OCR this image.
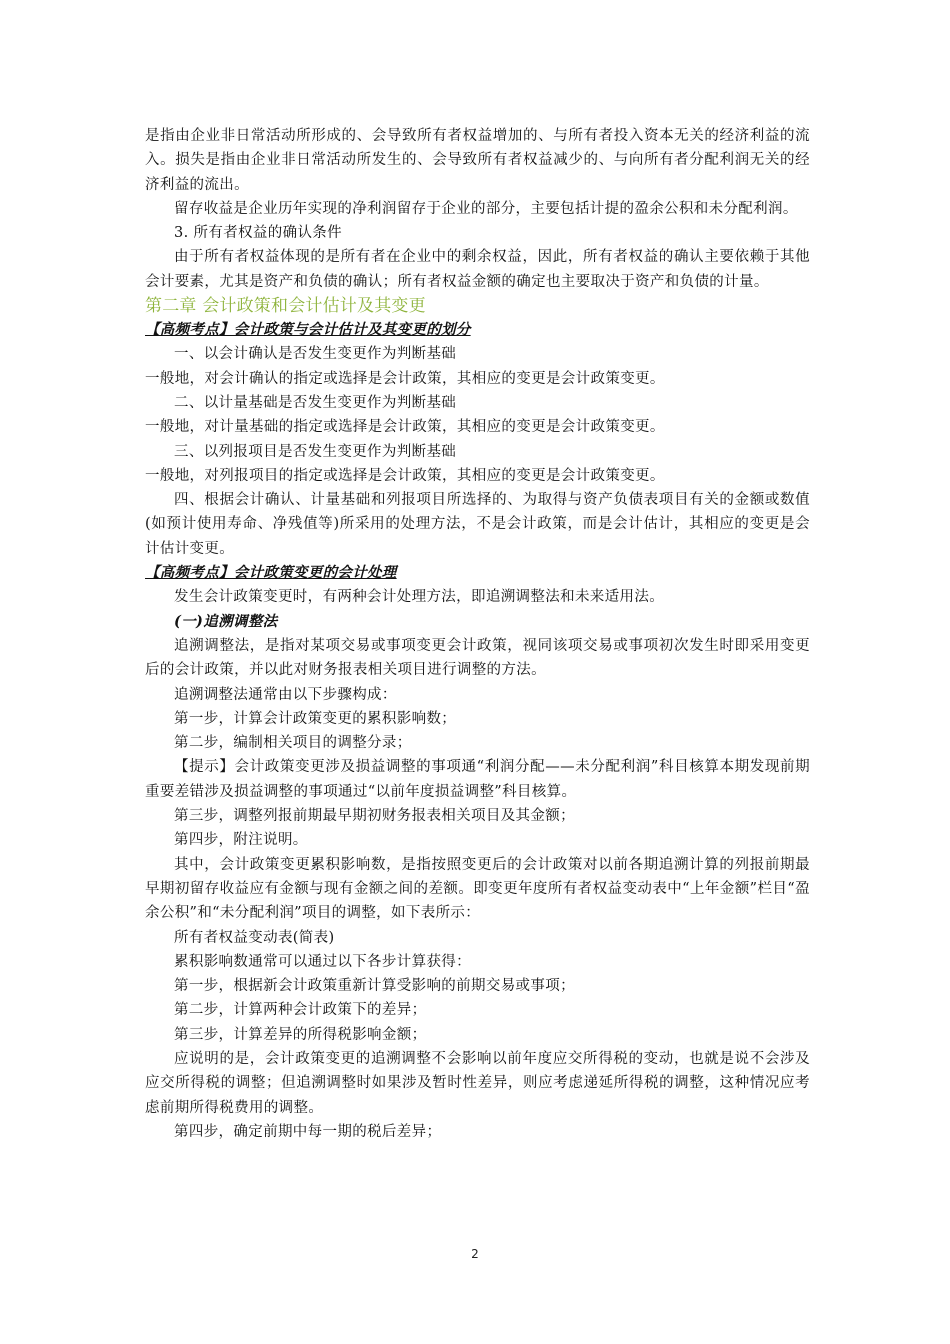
是指由企业非日常活动所形成的、会导致所有者权益增加的、与所有者投入资本无关的经济利益的流入。损失是指由企业非日常活动所发生的、会导致所有者权益减少的、与向所有者分配利润无关的经济利益的流出。

留存收益是企业历年实现的净利润留存于企业的部分，主要包括计提的盈余公积和未分配利润。

3. 所有者权益的确认条件

由于所有者权益体现的是所有者在企业中的剩余权益，因此，所有者权益的确认主要依赖于其他会计要素，尤其是资产和负债的确认；所有者权益金额的确定也主要取决于资产和负债的计量。

第二章 会计政策和会计估计及其变更

【高频考点】会计政策与会计估计及其变更的划分

一、以会计确认是否发生变更作为判断基础

一般地，对会计确认的指定或选择是会计政策，其相应的变更是会计政策变更。

二、以计量基础是否发生变更作为判断基础

一般地，对计量基础的指定或选择是会计政策，其相应的变更是会计政策变更。

三、以列报项目是否发生变更作为判断基础

一般地，对列报项目的指定或选择是会计政策，其相应的变更是会计政策变更。

四、根据会计确认、计量基础和列报项目所选择的、为取得与资产负债表项目有关的金额或数值(如预计使用寿命、净残值等)所采用的处理方法，不是会计政策，而是会计估计，其相应的变更是会计估计变更。

【高频考点】会计政策变更的会计处理

发生会计政策变更时，有两种会计处理方法，即追溯调整法和未来适用法。

(一)追溯调整法

追溯调整法，是指对某项交易或事项变更会计政策，视同该项交易或事项初次发生时即采用变更后的会计政策，并以此对财务报表相关项目进行调整的方法。

追溯调整法通常由以下步骤构成：

第一步，计算会计政策变更的累积影响数；

第二步，编制相关项目的调整分录；

【提示】会计政策变更涉及损益调整的事项通“利润分配——未分配利润”科目核算本期发现前期重要差错涉及损益调整的事项通过“以前年度损益调整”科目核算。

第三步，调整列报前期最早期初财务报表相关项目及其金额；

第四步，附注说明。

其中，会计政策变更累积影响数，是指按照变更后的会计政策对以前各期追溯计算的列报前期最早期初留存收益应有金额与现有金额之间的差额。即变更年度所有者权益变动表中“上年金额”栏目“盈余公积”和“未分配利润”项目的调整，如下表所示：

所有者权益变动表(简表)

累积影响数通常可以通过以下各步计算获得：

第一步，根据新会计政策重新计算受影响的前期交易或事项；

第二步，计算两种会计政策下的差异；

第三步，计算差异的所得税影响金额；

应说明的是，会计政策变更的追溯调整不会影响以前年度应交所得税的变动，也就是说不会涉及应交所得税的调整；但追溯调整时如果涉及暂时性差异，则应考虑递延所得税的调整，这种情况应考虑前期所得税费用的调整。

第四步，确定前期中每一期的税后差异；

2
